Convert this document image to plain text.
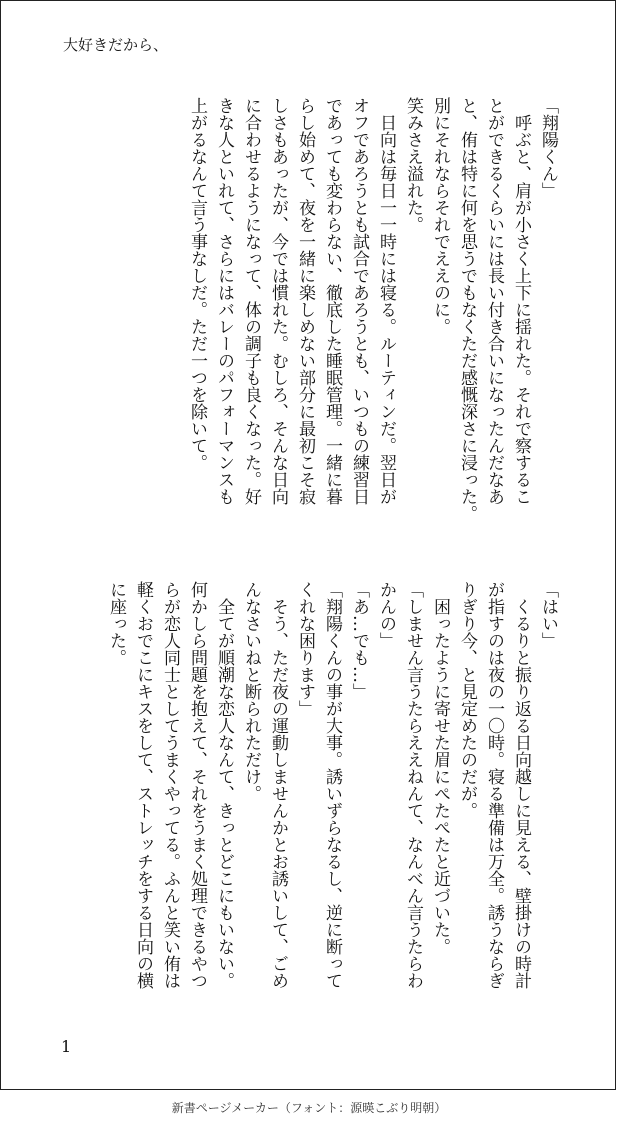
大好きだから、
「翔陽くん」
　呼ぶと、肩が小さく上下に揺れた。それで察するこ
とができるくらいには長い付き合いになったんだなあ
と、侑は特に何を思うでもなくただ感慨深さに浸った。
別にそれならそれでええのに。
笑みさえ溢れた。
　日向は毎日一一時には寝る。ルーティンだ。翌日が
オフであろうとも試合であろうとも、いつもの練習日
であっても変わらない、徹底した睡眠管理。一緒に暮
らし始めて、夜を一緒に楽しめない部分に最初こそ寂
しさもあったが、今では慣れた。むしろ、そんな日向
に合わせるようになって、体の調子も良くなった。好
きな人といれて、さらにはバレーのパフォーマンスも
上がるなんて言う事なしだ。ただ一つを除いて。
「はい」
　くるりと振り返る日向越しに見える、壁掛けの時計
が指すのは夜の一〇時。寝る準備は万全。誘うならぎ
りぎり今、と見定めたのだが。
　困ったように寄せた眉にぺたぺたと近づいた。
「しません言うたらええねんて、なんべん言うたらわ
かんの」
「あ…でも…」
「翔陽くんの事が大事。誘いずらなるし、逆に断って
くれな困ります」
　そう、ただ夜の運動しませんかとお誘いして、ごめ
んなさいねと断られただけ。
　全てが順潮な恋人なんて、きっとどこにもいない。
何かしら問題を抱えて、それをうまく処理できるやつ
らが恋人同士としてうまくやってる。ふんと笑い侑は
軽くおでこにキスをして、ストレッチをする日向の横
に座った。
1
新書ページメーカー（フォント：源暎こぶり明朝）
